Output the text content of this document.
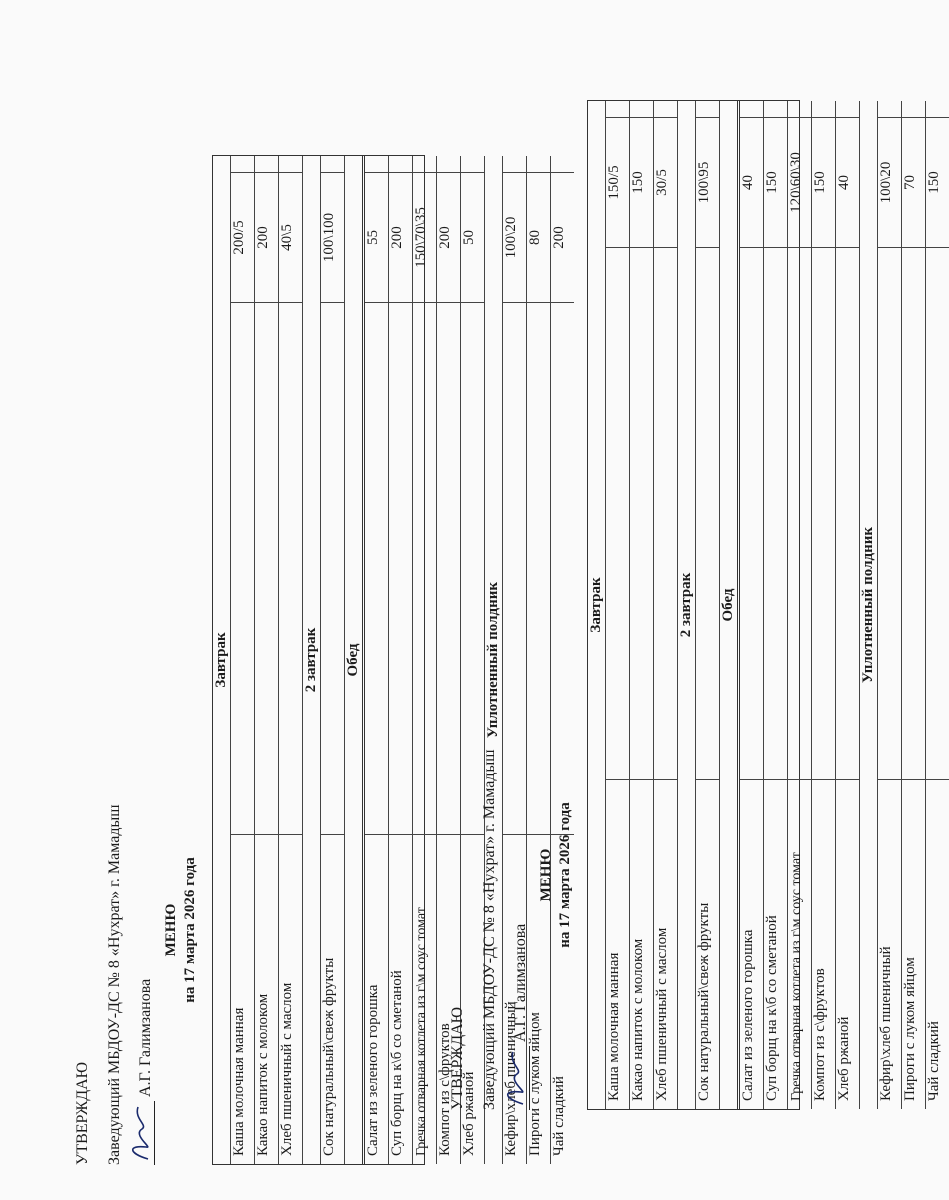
УТВЕРЖДАЮ Заведующий МБДОУ-ДС № 8 «Нухрат» г. Мамадыш А.Г. Галимзанова
МЕНЮ на 17 марта 2026 года
Завтрак
Каша молочная манная
200/5
Какао напиток с молоком
200
Хлеб пшеничный с маслом
40\5
2 завтрак
Сок натуральный\свеж фрукты
100\100
Обед
Салат из зеленого горошка
55
Суп борщ на к\б со сметаной
200
Гречка отварная котлета из г\м соус томат
150\70\35
Компот из с\фруктов
200
Хлеб ржаной
50
Уплотненный полдник
Кефир\хлеб пшеничный
100\20
Пироги с луком яйцом
80
Чай сладкий
200
УТВЕРЖДАЮ Заведующий МБДОУ-ДС № 8 «Нухрат» г. Мамадыш А.Г. Галимзанова
МЕНЮ на 17 марта 2026 года
Завтрак
Каша молочная манная
150/5
Какао напиток с молоком
150
Хлеб пшеничный с маслом
30/5
2 завтрак
Сок натуральный\свеж фрукты
100\95
Обед
Салат из зеленого горошка
40
Суп борщ на к\б со сметаной
150
Гречка отварная котлета из г\м соус томат
120\60\30
Компот из с\фруктов
150
Хлеб ржаной
40
Уплотненный полдник
Кефир\хлеб пшеничный
100\20
Пироги с луком яйцом
70
Чай сладкий
150
